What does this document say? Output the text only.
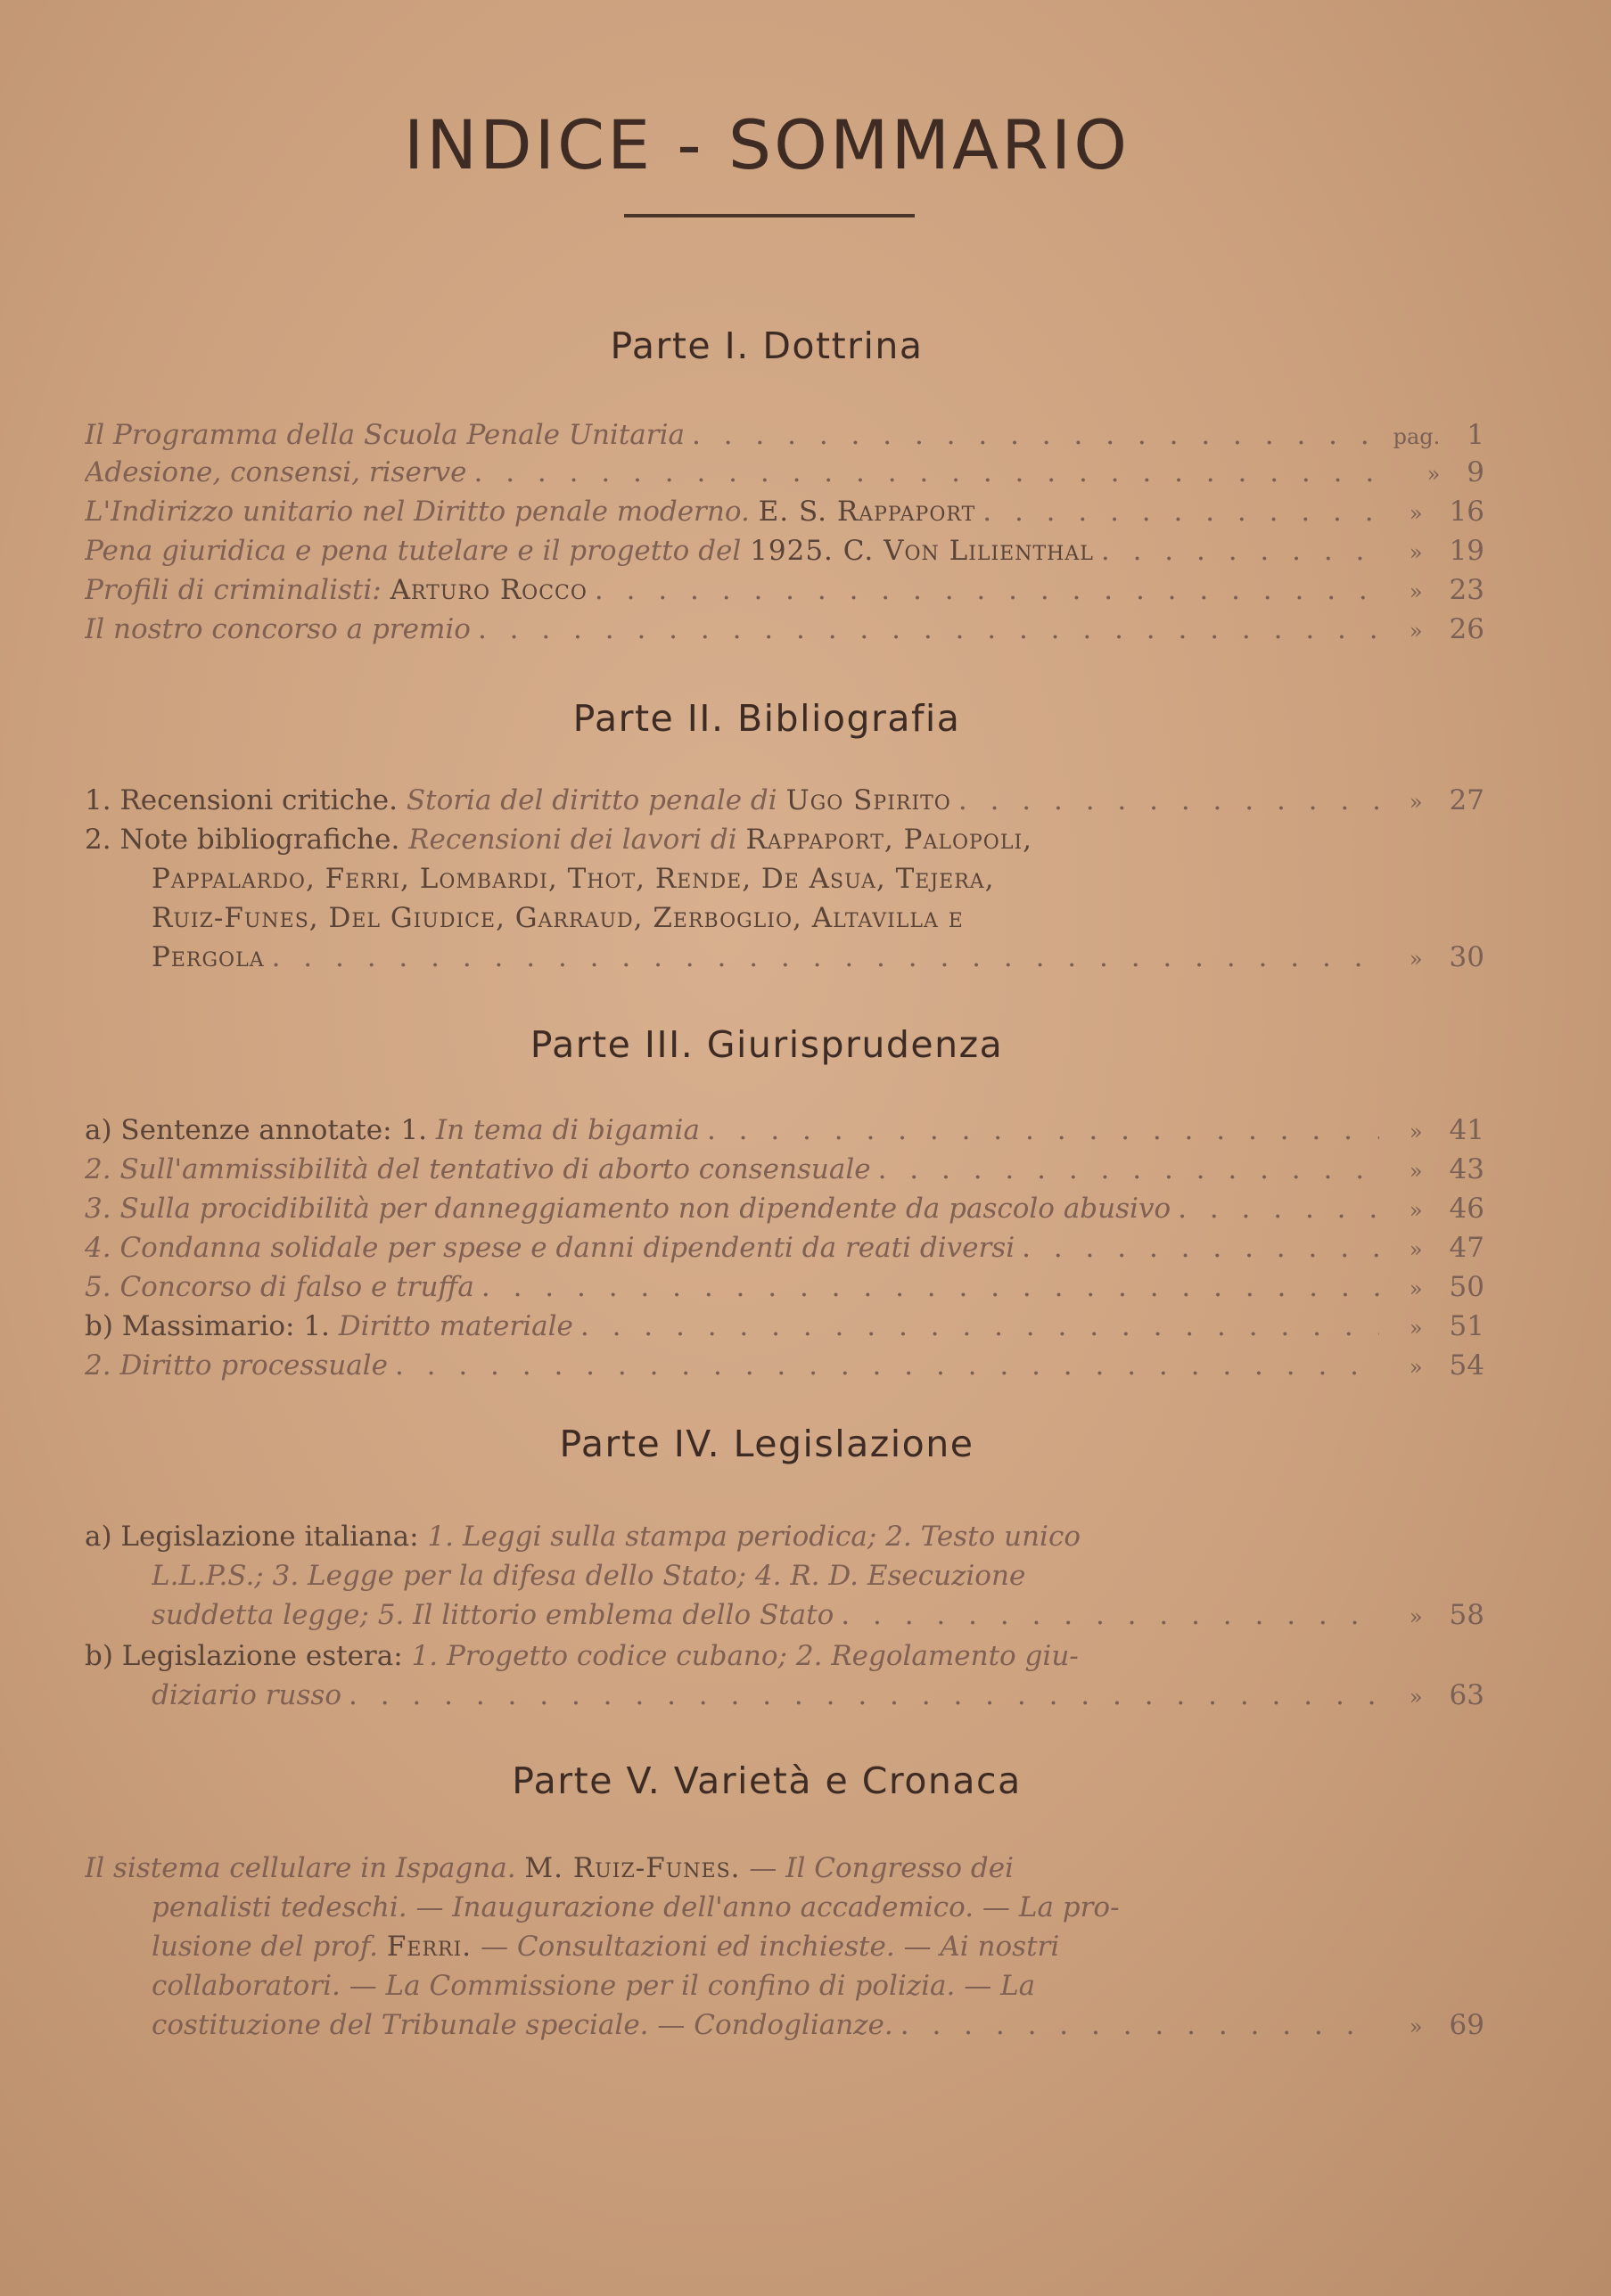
INDICE - SOMMARIO
Parte I. Dottrina
Il Programma della Scuola Penale Unitaria . . .	pag. 1
Adesione, consensi, riserve . . .	» 9
L'Indirizzo unitario nel Diritto penale moderno. E. S. Rappaport . . .	» 16
Pena giuridica e pena tutelare e il progetto del 1925. C. Von Lilienthal . . .	» 19
Profili di criminalisti: Arturo Rocco . . .	» 23
Il nostro concorso a premio . . .	» 26
Parte II. Bibliografia
1. Recensioni critiche. Storia del diritto penale di Ugo Spirito . . .	» 27
2. Note bibliografiche. Recensioni dei lavori di Rappaport, Palopoli,
Pappalardo, Ferri, Lombardi, Thot, Rende, De Asua, Tejera,
Ruiz-Funes, Del Giudice, Garraud, Zerboglio, Altavilla e
Pergola . . .	» 30
Parte III. Giurisprudenza
a) Sentenze annotate: 1. In tema di bigamia . . .	» 41
2. Sull'ammissibilità del tentativo di aborto consensuale . . .	» 43
3. Sulla procidibilità per danneggiamento non dipendente da pascolo abusivo . . .	» 46
4. Condanna solidale per spese e danni dipendenti da reati diversi . . .	» 47
5. Concorso di falso e truffa . . .	» 50
b) Massimario: 1. Diritto materiale . . .	» 51
2. Diritto processuale . . .	» 54
Parte IV. Legislazione
a) Legislazione italiana: 1. Leggi sulla stampa periodica; 2. Testo unico
L.L.P.S.; 3. Legge per la difesa dello Stato; 4. R. D. Esecuzione
suddetta legge; 5. Il littorio emblema dello Stato . . .	» 58
b) Legislazione estera: 1. Progetto codice cubano; 2. Regolamento giu-
diziario russo . . .	» 63
Parte V. Varietà e Cronaca
Il sistema cellulare in Ispagna. M. Ruiz-Funes. — Il Congresso dei
penalisti tedeschi. — Inaugurazione dell'anno accademico. — La pro-
lusione del prof. Ferri. — Consultazioni ed inchieste. — Ai nostri
collaboratori. — La Commissione per il confino di polizia. — La
costituzione del Tribunale speciale. — Condoglianze. . . .	» 69
